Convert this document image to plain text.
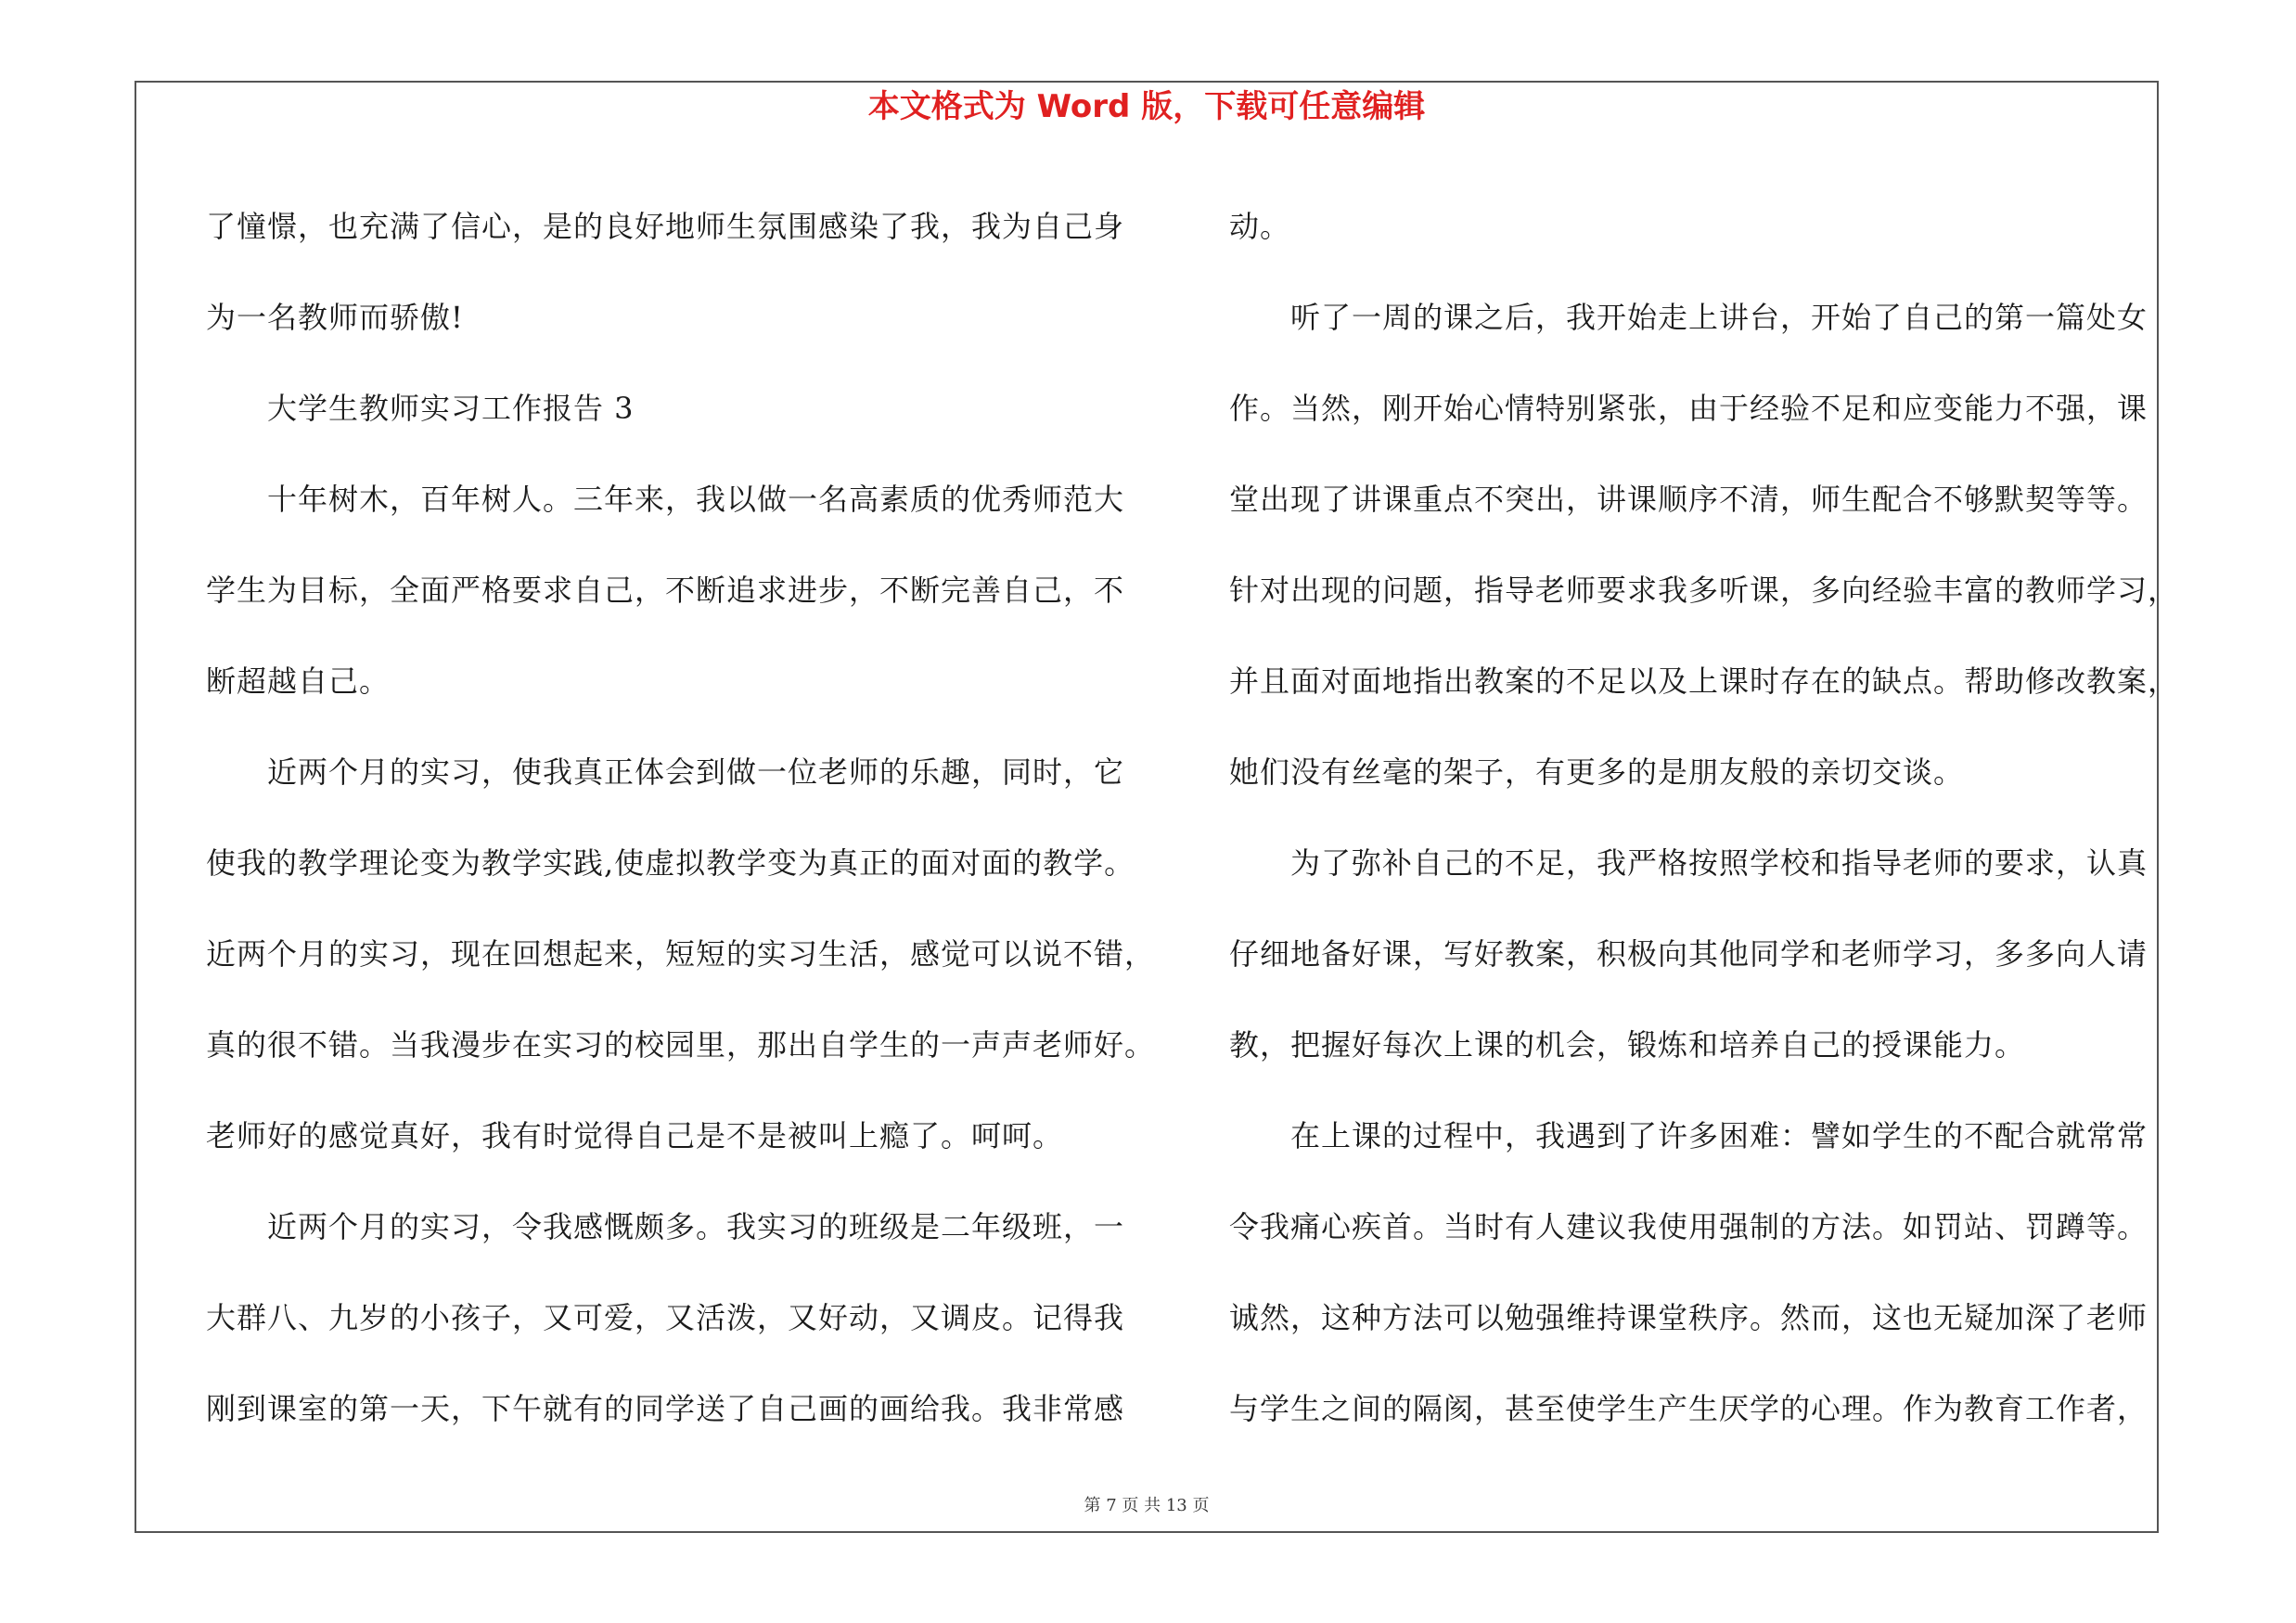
本文格式为 Word 版，下载可任意编辑
了憧憬，也充满了信心，是的良好地师生氛围感染了我，我为自己身
为一名教师而骄傲!
大学生教师实习工作报告 3
十年树木，百年树人。三年来，我以做一名高素质的优秀师范大
学生为目标，全面严格要求自己，不断追求进步，不断完善自己，不
断超越自己。
近两个月的实习，使我真正体会到做一位老师的乐趣，同时，它
使我的教学理论变为教学实践,使虚拟教学变为真正的面对面的教学。
近两个月的实习，现在回想起来，短短的实习生活，感觉可以说不错，
真的很不错。当我漫步在实习的校园里，那出自学生的一声声老师好。
老师好的感觉真好，我有时觉得自己是不是被叫上瘾了。呵呵。
近两个月的实习，令我感慨颇多。我实习的班级是二年级班，一
大群八、九岁的小孩子，又可爱，又活泼，又好动，又调皮。记得我
刚到课室的第一天，下午就有的同学送了自己画的画给我。我非常感
动。
听了一周的课之后，我开始走上讲台，开始了自己的第一篇处女
作。当然，刚开始心情特别紧张，由于经验不足和应变能力不强，课
堂出现了讲课重点不突出，讲课顺序不清，师生配合不够默契等等。
针对出现的问题，指导老师要求我多听课，多向经验丰富的教师学习，
并且面对面地指出教案的不足以及上课时存在的缺点。帮助修改教案，
她们没有丝毫的架子，有更多的是朋友般的亲切交谈。
为了弥补自己的不足，我严格按照学校和指导老师的要求，认真
仔细地备好课，写好教案，积极向其他同学和老师学习，多多向人请
教，把握好每次上课的机会，锻炼和培养自己的授课能力。
在上课的过程中，我遇到了许多困难：譬如学生的不配合就常常
令我痛心疾首。当时有人建议我使用强制的方法。如罚站、罚蹲等。
诚然，这种方法可以勉强维持课堂秩序。然而，这也无疑加深了老师
与学生之间的隔阂，甚至使学生产生厌学的心理。作为教育工作者，
第 7 页 共 13 页
